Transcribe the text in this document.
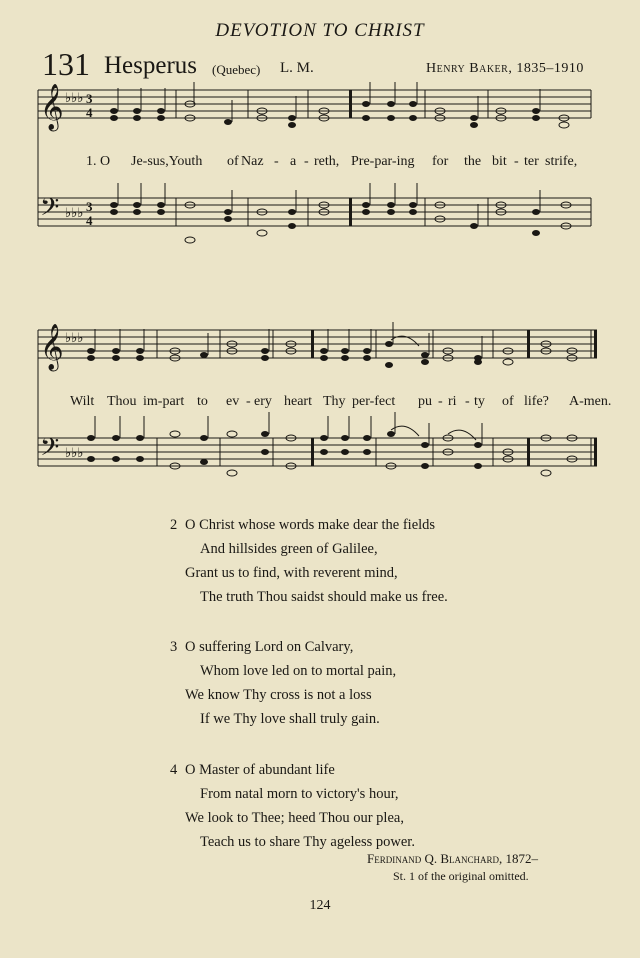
DEVOTION TO CHRIST
131 Hesperus (Quebec) L. M.	Henry Baker, 1835–1910
𝄞
𝄢
♭♭♭
♭♭♭
3
4
3
4
1. O Je-sus,Youth of Naz - a - reth, Pre-par-ing for the bit - ter strife,
𝄞
𝄢
♭♭♭
♭♭♭
Wilt Thou im-part to ev - ery heart Thy per-fect pu - ri - ty of life? A-men.
2 O Christ whose words make dear the fields
And hillsides green of Galilee,
Grant us to find, with reverent mind,
The truth Thou saidst should make us free.
3 O suffering Lord on Calvary,
Whom love led on to mortal pain,
We know Thy cross is not a loss
If we Thy love shall truly gain.
4 O Master of abundant life
From natal morn to victory's hour,
We look to Thee; heed Thou our plea,
Teach us to share Thy ageless power.
Ferdinand Q. Blanchard, 1872–
St. 1 of the original omitted.
124
